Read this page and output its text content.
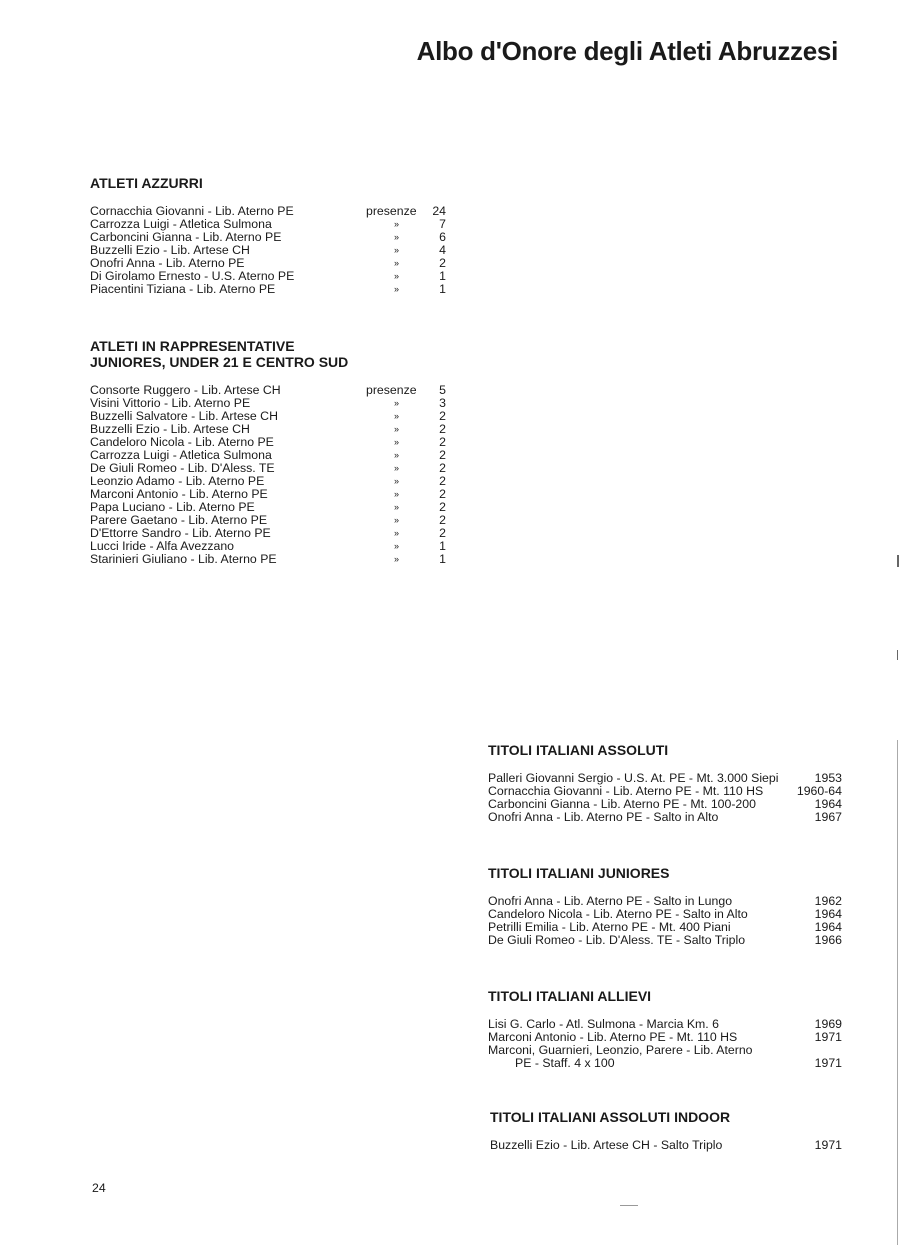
Albo d'Onore degli Atleti Abruzzesi
ATLETI AZZURRI
Cornacchia Giovanni - Lib. Aterno PE	presenze 24
Carrozza Luigi - Atletica Sulmona	»	7
Carboncini Gianna - Lib. Aterno PE	»	6
Buzzelli Ezio - Lib. Artese CH	»	4
Onofri Anna - Lib. Aterno PE	»	2
Di Girolamo Ernesto - U.S. Aterno PE	»	1
Piacentini Tiziana - Lib. Aterno PE	»	1
ATLETI IN RAPPRESENTATIVE
JUNIORES, UNDER 21 E CENTRO SUD
Consorte Ruggero - Lib. Artese CH	presenze 5
Visini Vittorio - Lib. Aterno PE	»	3
Buzzelli Salvatore - Lib. Artese CH	»	2
Buzzelli Ezio - Lib. Artese CH	»	2
Candeloro Nicola - Lib. Aterno PE	»	2
Carrozza Luigi - Atletica Sulmona	»	2
De Giuli Romeo - Lib. D'Aless. TE	»	2
Leonzio Adamo - Lib. Aterno PE	»	2
Marconi Antonio - Lib. Aterno PE	»	2
Papa Luciano - Lib. Aterno PE	»	2
Parere Gaetano - Lib. Aterno PE	»	2
D'Ettorre Sandro - Lib. Aterno PE	»	2
Lucci Iride - Alfa Avezzano	»	1
Starinieri Giuliano - Lib. Aterno PE	»	1
TITOLI ITALIANI ASSOLUTI
Palleri Giovanni Sergio - U.S. At. PE - Mt. 3.000 Siepi	1953
Cornacchia Giovanni - Lib. Aterno PE - Mt. 110 HS	1960-64
Carboncini Gianna - Lib. Aterno PE - Mt. 100-200	1964
Onofri Anna - Lib. Aterno PE - Salto in Alto	1967
TITOLI ITALIANI JUNIORES
Onofri Anna - Lib. Aterno PE - Salto in Lungo	1962
Candeloro Nicola - Lib. Aterno PE - Salto in Alto	1964
Petrilli Emilia - Lib. Aterno PE - Mt. 400 Piani	1964
De Giuli Romeo - Lib. D'Aless. TE - Salto Triplo	1966
TITOLI ITALIANI ALLIEVI
Lisi G. Carlo - Atl. Sulmona - Marcia Km. 6	1969
Marconi Antonio - Lib. Aterno PE - Mt. 110 HS	1971
Marconi, Guarnieri, Leonzio, Parere - Lib. Aterno
PE - Staff. 4 x 100	1971
TITOLI ITALIANI ASSOLUTI INDOOR
Buzzelli Ezio - Lib. Artese CH - Salto Triplo	1971
24
